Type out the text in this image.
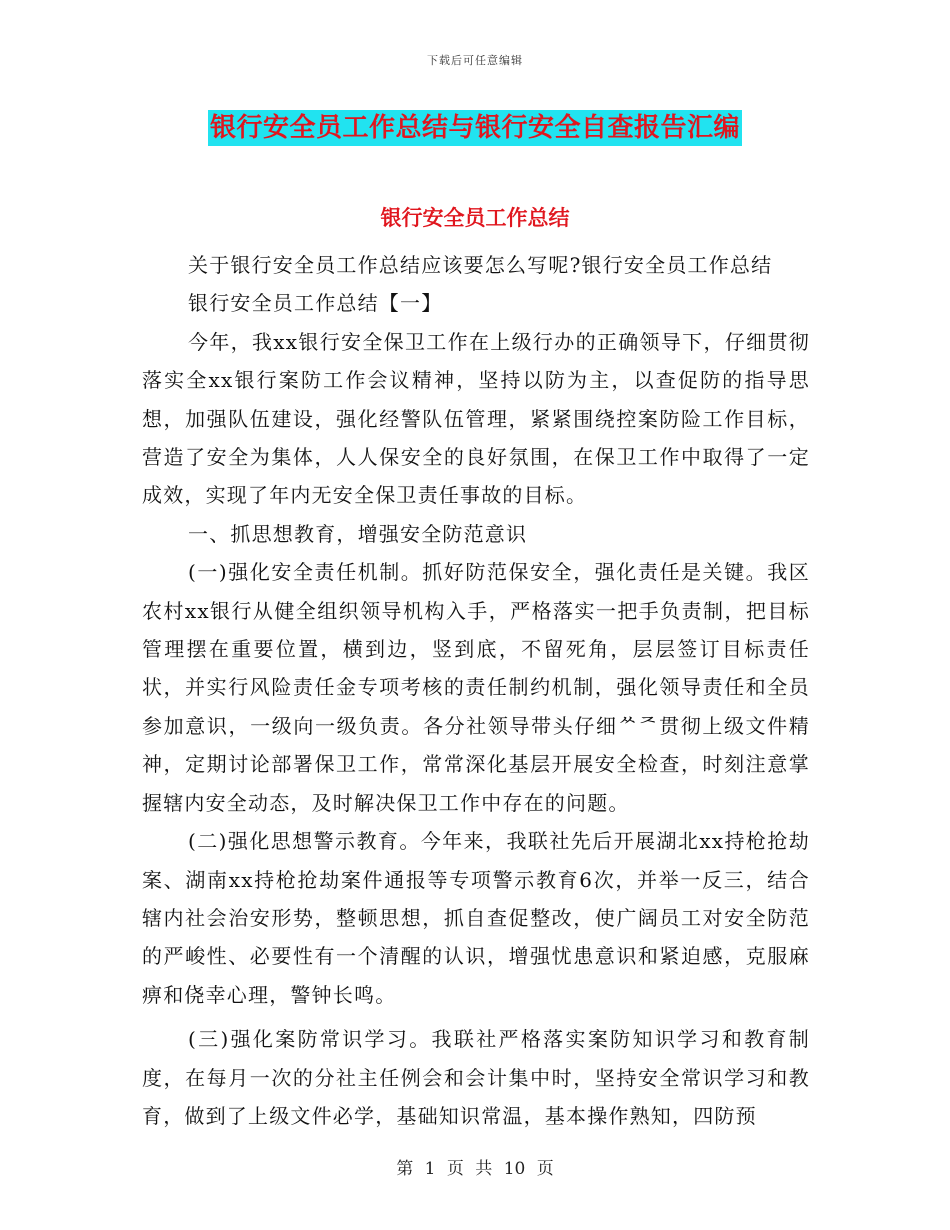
下载后可任意编辑
银行安全员工作总结与银行安全自查报告汇编
银行安全员工作总结

关于银行安全员工作总结应该要怎么写呢?银行安全员工作总结

银行安全员工作总结【一】

今年，我xx银行安全保卫工作在上级行办的正确领导下，仔细贯彻落实全xx银行案防工作会议精神，坚持以防为主，以查促防的指导思想，加强队伍建设，强化经警队伍管理，紧紧围绕控案防险工作目标，营造了安全为集体，人人保安全的良好氛围，在保卫工作中取得了一定成效，实现了年内无安全保卫责任事故的目标。

一、抓思想教育，增强安全防范意识

(一)强化安全责任机制。抓好防范保安全，强化责任是关键。我区农村xx银行从健全组织领导机构入手，严格落实一把手负责制，把目标管理摆在重要位置，横到边，竖到底，不留死角，层层签订目标责任状，并实行风险责任金专项考核的责任制约机制，强化领导责任和全员参加意识，一级向一级负责。各分社领导带头仔细ᄊᄌ贯彻上级文件精神，定期讨论部署保卫工作，常常深化基层开展安全检查，时刻注意掌握辖内安全动态，及时解决保卫工作中存在的问题。

(二)强化思想警示教育。今年来，我联社先后开展湖北xx持枪抢劫案、湖南xx持枪抢劫案件通报等专项警示教育6次，并举一反三，结合辖内社会治安形势，整顿思想，抓自查促整改，使广阔员工对安全防范的严峻性、必要性有一个清醒的认识，增强忧患意识和紧迫感，克服麻痹和侥幸心理，警钟长鸣。

(三)强化案防常识学习。我联社严格落实案防知识学习和教育制度，在每月一次的分社主任例会和会计集中时，坚持安全常识学习和教育，做到了上级文件必学，基础知识常温，基本操作熟知，四防预

第 1 页 共 10 页
